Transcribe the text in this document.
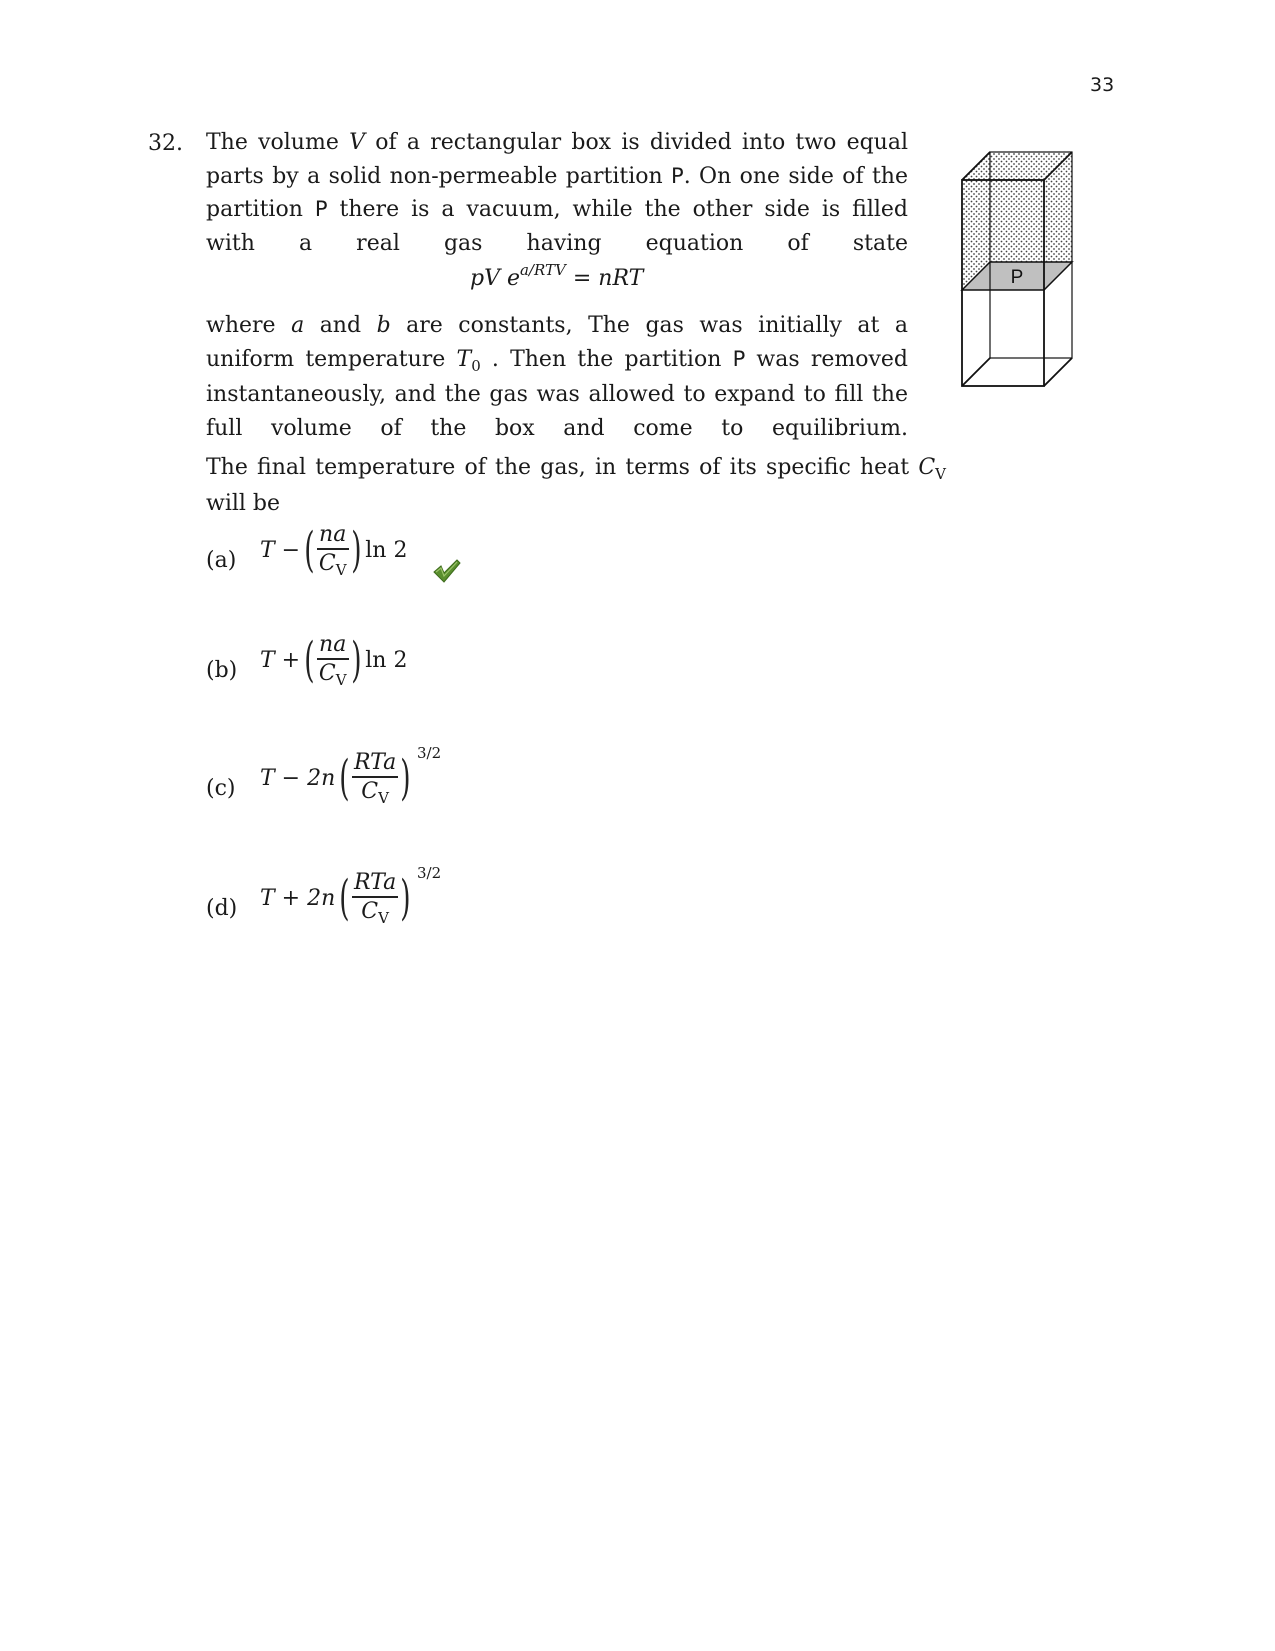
33
32. The volume V of a rectangular box is divided into two equal parts by a solid non-permeable partition P. On one side of the partition P there is a vacuum, while the other side is filled with a real gas having equation of state

pV $e^{a/RTV}$ = nRT

where a and b are constants, The gas was initially at a uniform temperature $T_0$ . Then the partition P was removed instantaneously, and the gas was allowed to expand to fill the full volume of the box and come to equilibrium.

The final temperature of the gas, in terms of its specific heat $C_V$ will be

(a) T − ( $\frac{na}{C_V}$ ) ln 2
(b) T + ( $\frac{na}{C_V}$ ) ln 2
(c) T − 2n ( $\frac{\text{RTa}}{C_V}$ ) 3/2
(d) T + 2n ( $\frac{\text{RTa}}{C_V}$ ) 3/2
P
